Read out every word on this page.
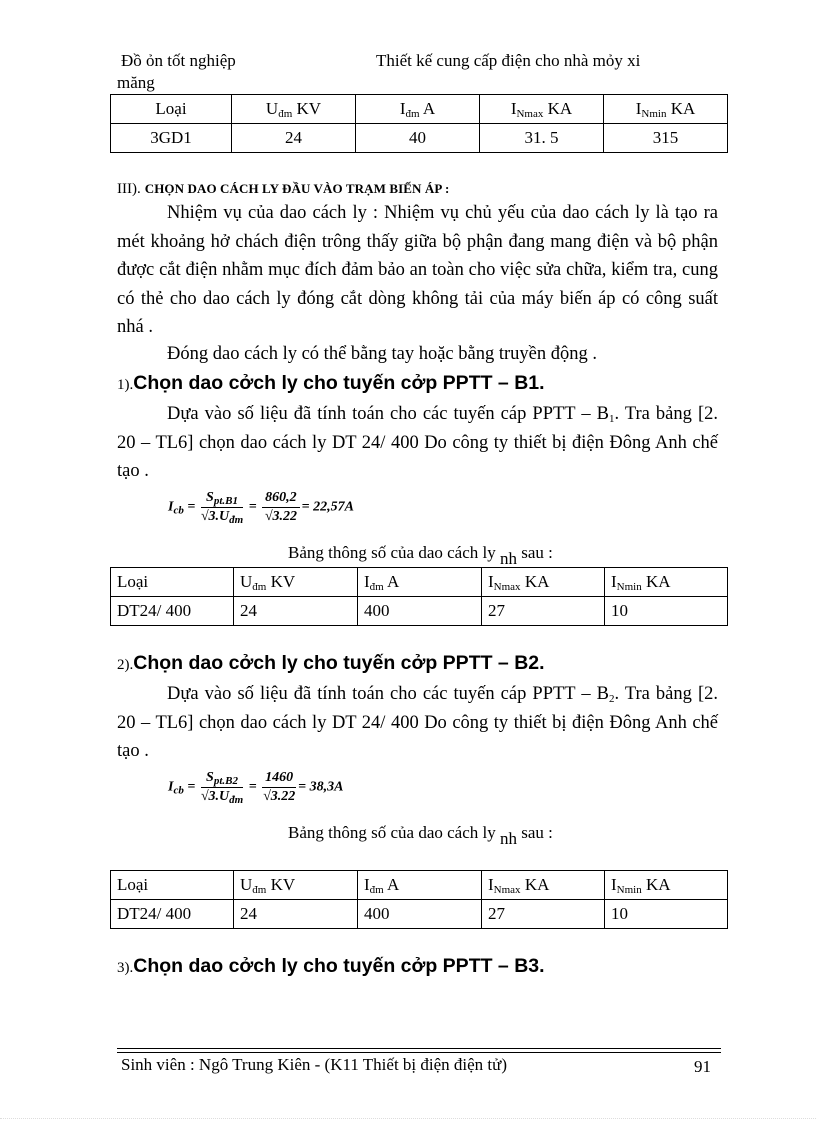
Đồ ỏn tốt nghiệp	Thiết kế cung cấp điện cho nhà mỏy xi
măng
Loại	$U_{đm}$ KV	$I_{đm}$ A	$I_{Nmax}$ KA	$I_{Nmin}$ KA
3GD1	24	40	31. 5	315
III). CHỌN DAO CÁCH LY ĐẦU VÀO TRẠM BIẾN ÁP :
Nhiệm vụ của dao cách ly : Nhiệm vụ chủ yếu của dao cách ly là tạo ra mét khoảng hở chách điện trông thấy giữa bộ phận đang mang điện và bộ phận được cắt điện nhằm mục đích đảm bảo an toàn cho việc sửa chữa, kiểm tra, cung có thẻ cho dao cách ly đóng cắt dòng không tải của máy biến áp có công suất nhá .
Đóng dao cách ly có thể bằng tay hoặc bằng truyền động .
1).Chọn dao cởch ly cho tuyến cởp PPTT – B1.
Dựa vào số liệu đã tính toán cho các tuyến cáp PPTT – $B_1$. Tra bảng [2. 20 – TL6] chọn dao cách ly DT 24/ 400 Do công ty thiết bị điện Đông Anh chế tạo .
$I_{cb} = \frac{S_{pt.B1}}{√3.U_{đm}} = \frac{860,2}{√3.22} = 22,57A$
Bảng thông số của dao cách ly nh sau :
Loại	$U_{đm}$ KV	$I_{đm}$ A	$I_{Nmax}$ KA	$I_{Nmin}$ KA
DT24/ 400	24	400	27	10
2).Chọn dao cởch ly cho tuyến cởp PPTT – B2.
Dựa vào số liệu đã tính toán cho các tuyến cáp PPTT – $B_2$. Tra bảng [2. 20 – TL6] chọn dao cách ly DT 24/ 400 Do công ty thiết bị điện Đông Anh chế tạo .
$I_{cb} = \frac{S_{pt.B2}}{√3.U_{đm}} = \frac{1460}{√3.22} = 38,3A$
Bảng thông số của dao cách ly nh sau :
Loại	$U_{đm}$ KV	$I_{đm}$ A	$I_{Nmax}$ KA	$I_{Nmin}$ KA
DT24/ 400	24	400	27	10
3).Chọn dao cởch ly cho tuyến cởp PPTT – B3.
Sinh viên : Ngô Trung Kiên - (K11 Thiết bị điện điện tử)	91
